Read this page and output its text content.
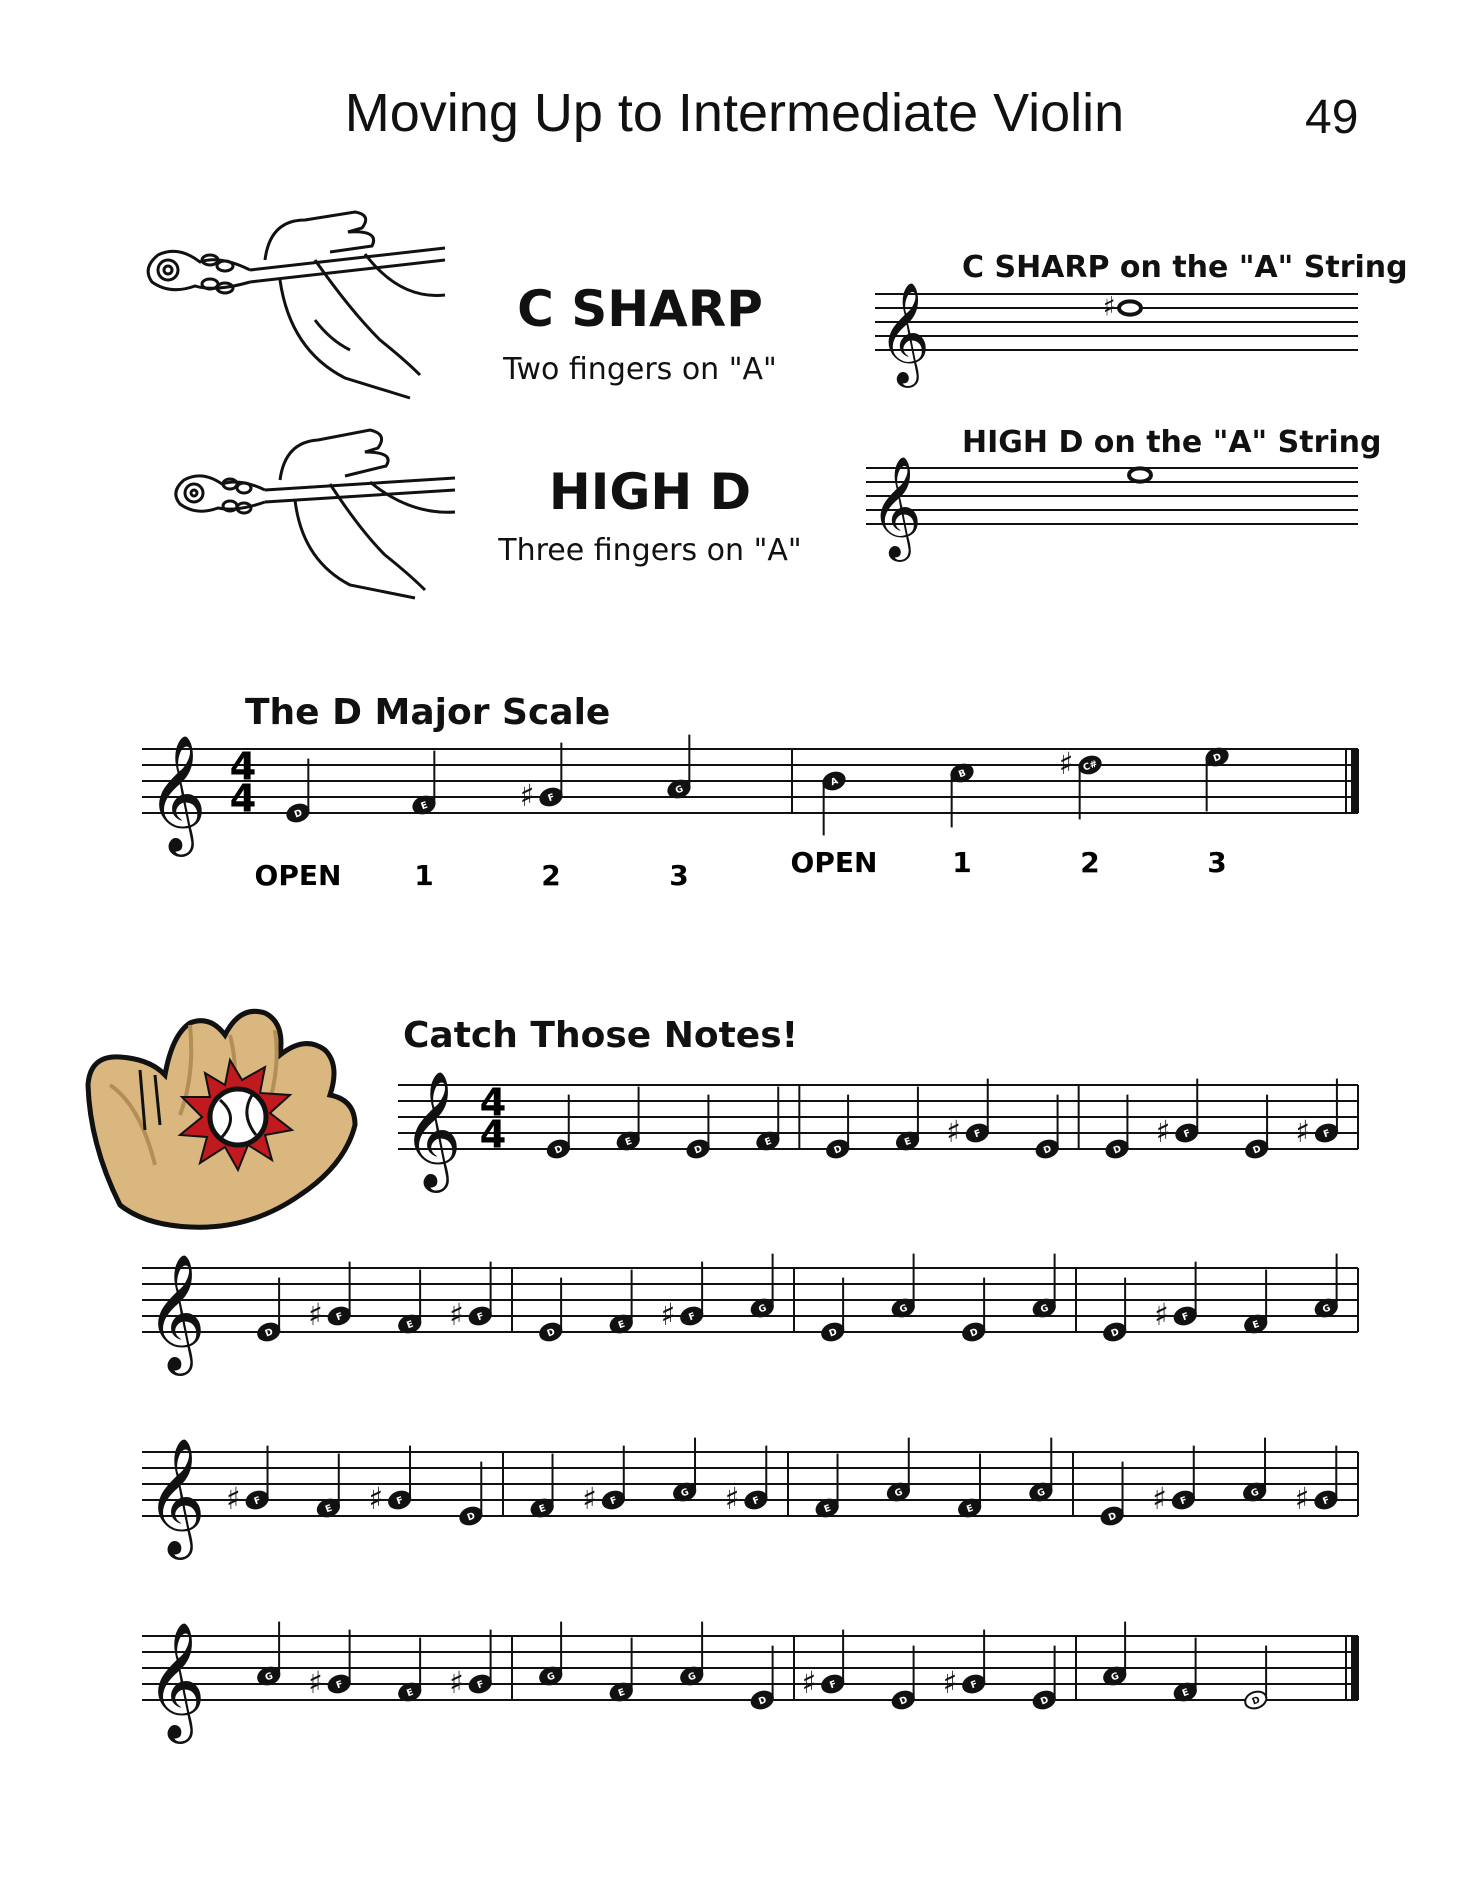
Moving Up to Intermediate Violin	49
C SHARP
Two fingers on "A"
HIGH D
Three fingers on "A"
C SHARP on the "A" String
HIGH D on the "A" String
The D Major Scale
Catch Those Notes!
𝄞	♯
𝄞
𝄞 4
4	D
E
F
♯	G
A
B
C#
♯	D
OPEN	1	2	3	OPEN	1	2	3
𝄞 4
4	D
E
D
E
D
E
F
♯
D	D
F
♯
D
F
♯
𝄞	D
F
♯	E
F
♯
D
E
F
♯	G
D
G
D
G
D
F
♯	E
G
𝄞	F
♯	E
F
♯
D
E
F
♯	G
F
♯	E
G
E
G
D
F
♯	G
F
♯
𝄞	G
F
♯	E
F
♯	G
E
G
D
F
♯
D
F
♯
D
G
E
D
